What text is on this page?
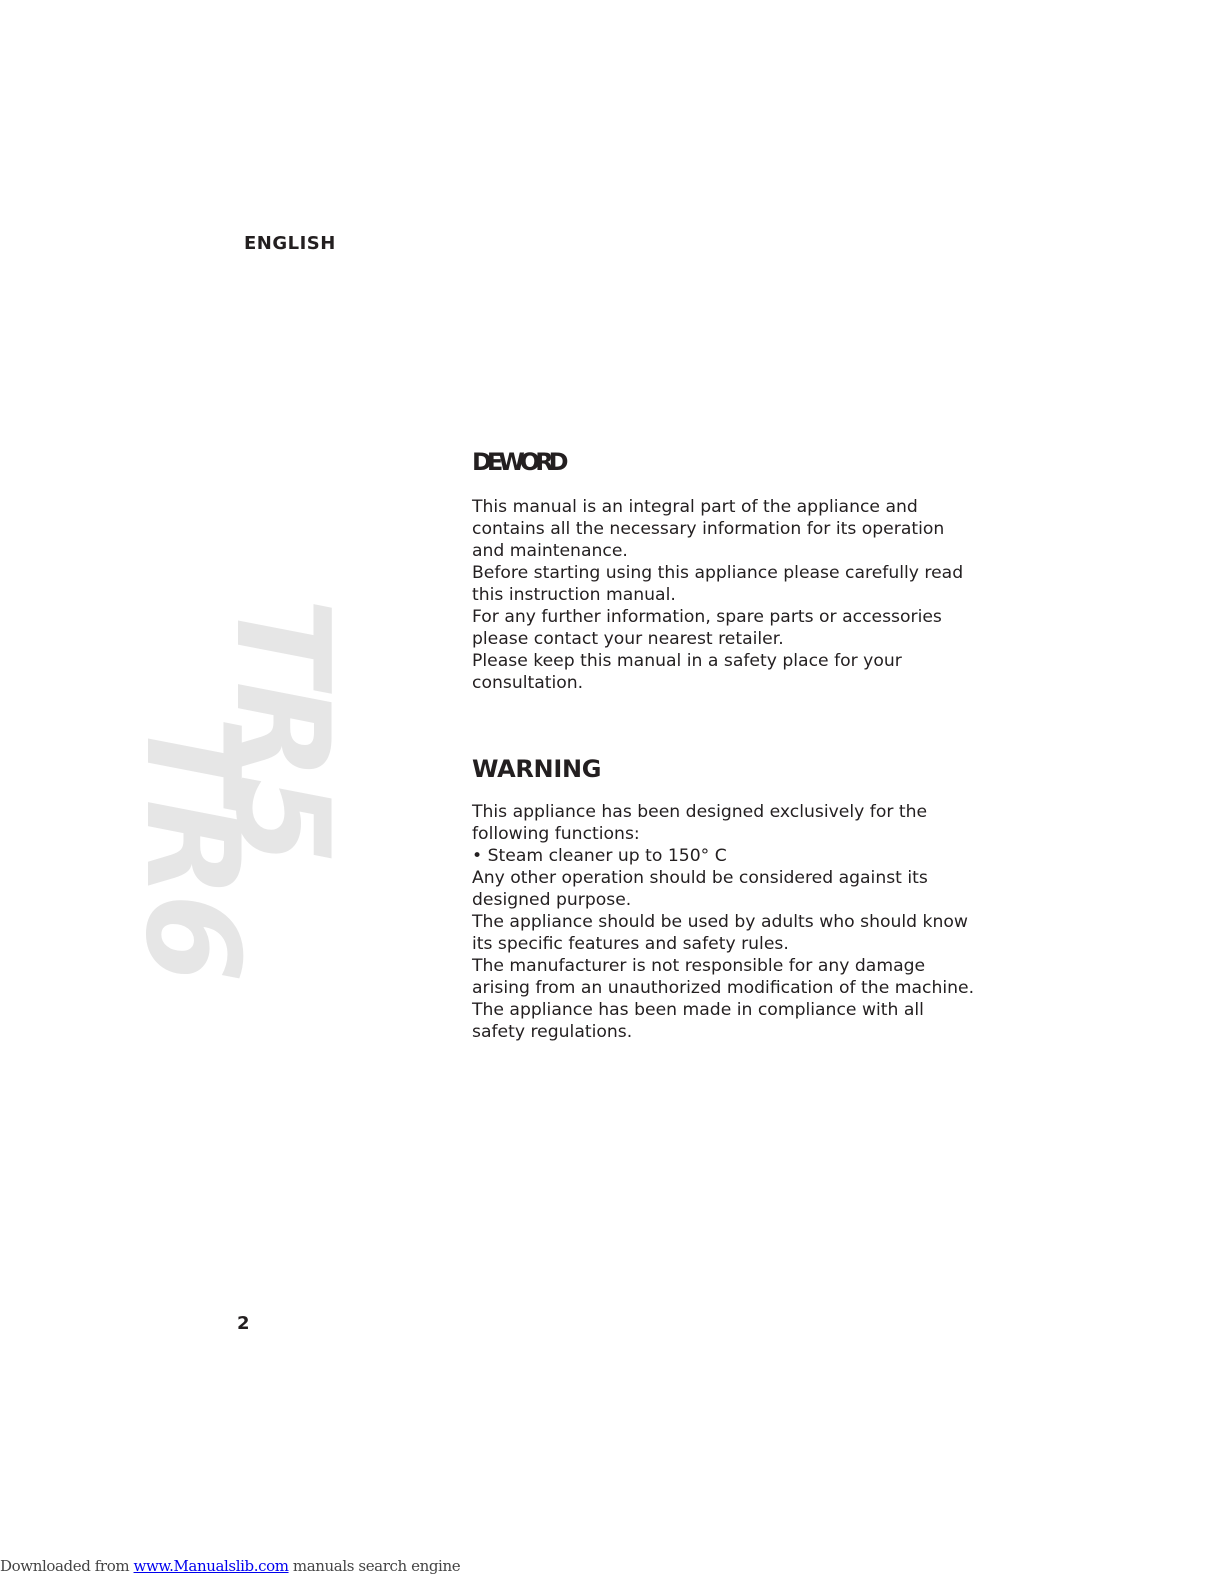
ENGLISH
TR5
TR6
DEWORD

This manual is an integral part of the appliance and

contains all the necessary information for its operation

and maintenance.

Before starting using this appliance please carefully read

this instruction manual.

For any further information, spare parts or accessories

please contact your nearest retailer.

Please keep this manual in a safety place for your

consultation.

WARNING

This appliance has been designed exclusively for the

following functions:

• Steam cleaner up to 150° C

Any other operation should be considered against its

designed purpose.

The appliance should be used by adults who should know

its specific features and safety rules.

The manufacturer is not responsible for any damage

arising from an unauthorized modification of the machine.

The appliance has been made in compliance with all

safety regulations.

2
Downloaded from www.Manualslib.com manuals search engine
